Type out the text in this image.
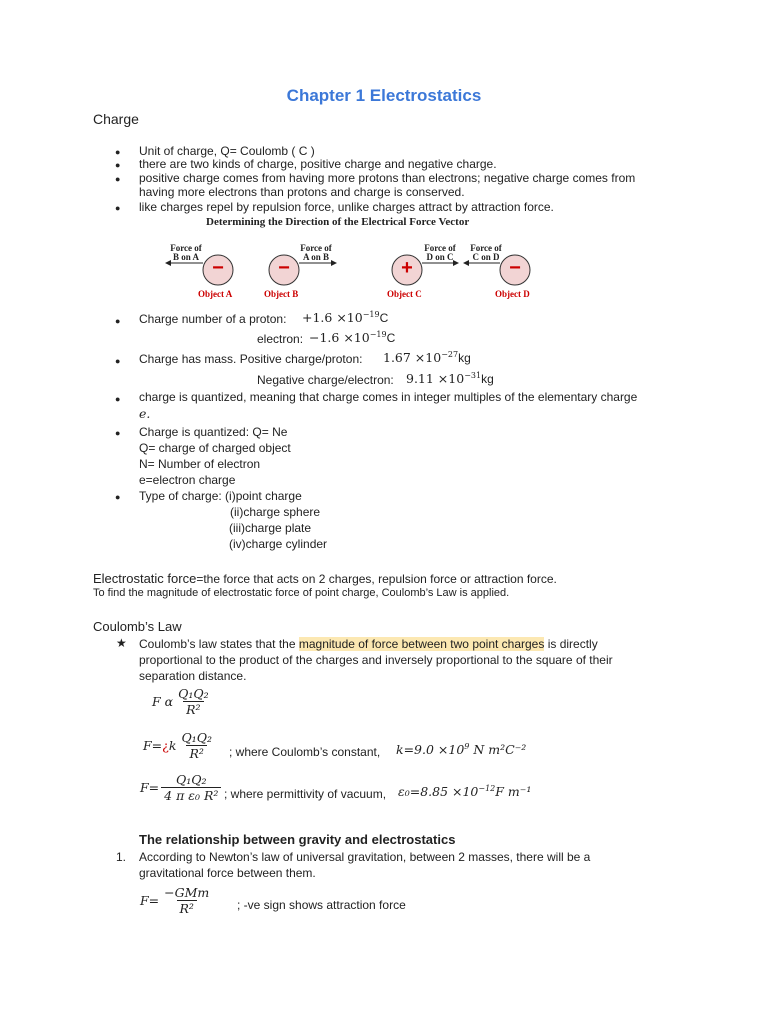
Chapter 1 Electrostatics
Charge
● Unit of charge, Q= Coulomb ( C )
● there are two kinds of charge, positive charge and negative charge.
● positive charge comes from having more protons than electrons; negative charge comes from
having more electrons than protons and charge is conserved.
● like charges repel by repulsion force, unlike charges attract by attraction force.
Determining the Direction of the Electrical Force Vector
Force of
B on A
Force of
A on B
Force of
D on C
Force of
C on D
−	−	+	−
Object A	Object B	Object C	Object D
● Charge number of a proton: $+1.6 \times 10^{-19}C$
electron: $-1.6 \times 10^{-19}C$
● Charge has mass. Positive charge/proton: $1.67 \times 10^{-27}kg$
Negative charge/electron: $9.11 \times 10^{-31}kg$
● charge is quantized, meaning that charge comes in integer multiples of the elementary charge
e.
● Charge is quantized: Q= Ne
Q= charge of charged object
N= Number of electron
e=electron charge
● Type of charge: (i)point charge
(ii)charge sphere
(iii)charge plate
(iv)charge cylinder
Electrostatic force=the force that acts on 2 charges, repulsion force or attraction force.
To find the magnitude of electrostatic force of point charge, Coulomb’s Law is applied.
Coulomb’s Law
★ Coulomb’s law states that the magnitude of force between two point charges is directly
proportional to the product of the charges and inversely proportional to the square of their
separation distance.
F α $\frac{\text{Q₁Q₂}}{\text{R²}}$
F= ¿ k $\frac{\text{Q₁Q₂}}{\text{R²}}$ ; where Coulomb’s constant, $k=9.0 \times 10^9$ N m²C⁻²
$F= \frac{\text{Q₁Q₂}}{\text{4 π ε₀ R²}}$ ; where permittivity of vacuum, $\varepsilon_0=8.85 \times 10^{-12}F$ m⁻¹
The relationship between gravity and electrostatics
1. According to Newton’s law of universal gravitation, between 2 masses, there will be a
gravitational force between them.
$F= \frac{\text{−GMm}}{\text{R²}}$ ; -ve sign shows attraction force
